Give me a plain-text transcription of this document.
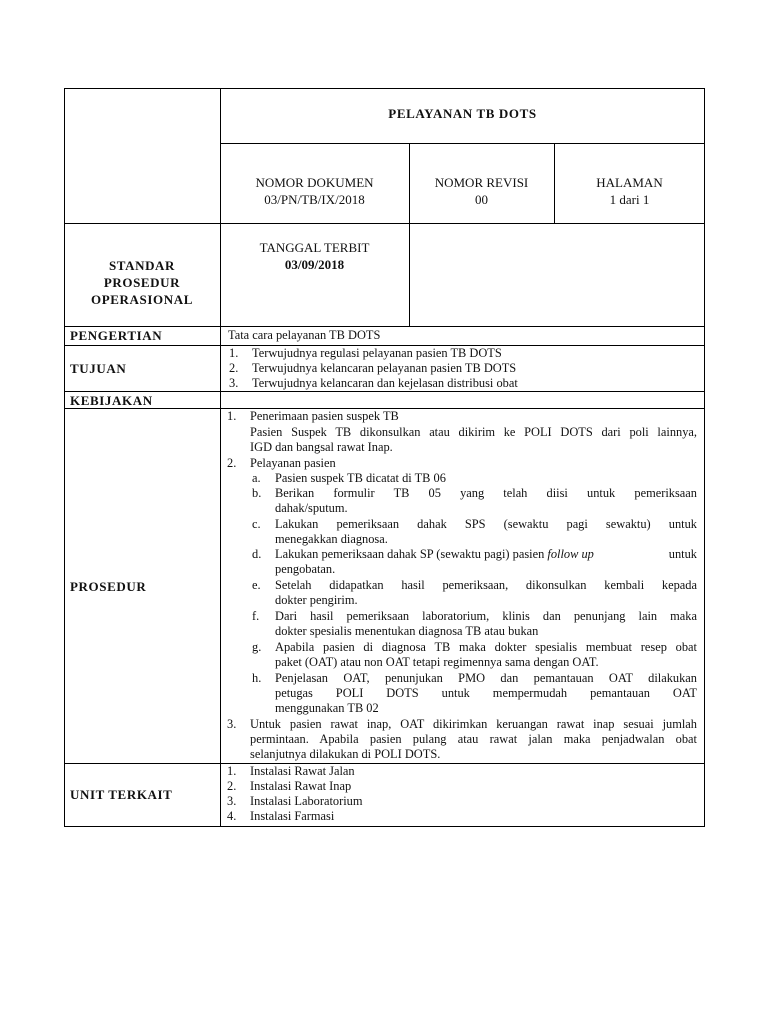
PELAYANAN TB DOTS
NOMOR DOKUMEN
03/PN/TB/IX/2018
NOMOR REVISI
00
HALAMAN
1 dari 1
STANDAR
PROSEDUR
OPERASIONAL
TANGGAL TERBIT
03/09/2018
PENGERTIAN	Tata cara pelayanan TB DOTS
TUJUAN
1. Terwujudnya regulasi pelayanan pasien TB DOTS
2. Terwujudnya kelancaran pelayanan pasien TB DOTS
3. Terwujudnya kelancaran dan kejelasan distribusi obat
KEBIJAKAN
PROSEDUR
1. Penerimaan pasien suspek TB
Pasien Suspek TB dikonsulkan atau dikirim ke POLI DOTS dari poli lainnya,
IGD dan bangsal rawat Inap.
2. Pelayanan pasien
a. Pasien suspek TB dicatat di TB 06
b. Berikan formulir TB 05 yang telah diisi untuk pemeriksaan
dahak/sputum.
c. Lakukan pemeriksaan dahak SPS (sewaktu pagi sewaktu) untuk
menegakkan diagnosa.
d. Lakukan pemeriksaan dahak SP (sewaktu pagi) pasien follow up	untuk
pengobatan.
e. Setelah didapatkan hasil pemeriksaan, dikonsulkan kembali kepada
dokter pengirim.
f. Dari hasil pemeriksaan laboratorium, klinis dan penunjang lain maka
dokter spesialis menentukan diagnosa TB atau bukan
g. Apabila pasien di diagnosa TB maka dokter spesialis membuat resep obat
paket (OAT) atau non OAT tetapi regimennya sama dengan OAT.
h. Penjelasan OAT, penunjukan PMO dan pemantauan OAT dilakukan
petugas POLI DOTS untuk mempermudah pemantauan OAT
menggunakan TB 02
3. Untuk pasien rawat inap, OAT dikirimkan keruangan rawat inap sesuai jumlah
permintaan. Apabila pasien pulang atau rawat jalan maka penjadwalan obat
selanjutnya dilakukan di POLI DOTS.
UNIT TERKAIT
1. Instalasi Rawat Jalan
2. Instalasi Rawat Inap
3. Instalasi Laboratorium
4. Instalasi Farmasi
